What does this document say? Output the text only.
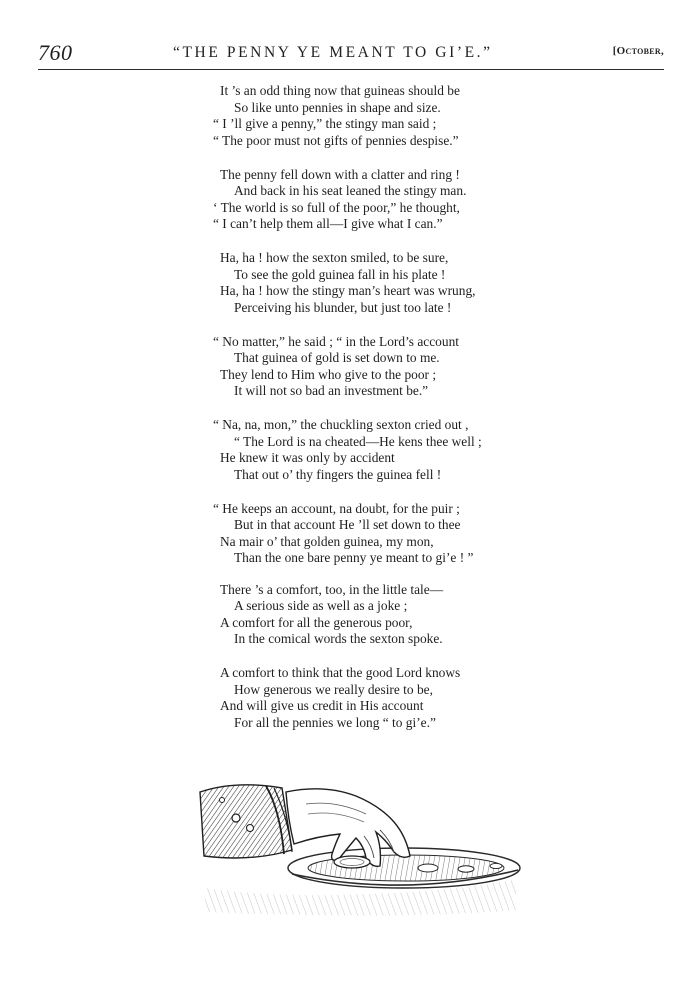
760	“THE PENNY YE MEANT TO GI’E.”	[October,
It ’s an odd thing now that guineas should be
So like unto pennies in shape and size.
“ I ’ll give a penny,” the stingy man said ;
“ The poor must not gifts of pennies despise.”
The penny fell down with a clatter and ring !
And back in his seat leaned the stingy man.
‘ The world is so full of the poor,” he thought,
“ I can’t help them all—I give what I can.”
Ha, ha ! how the sexton smiled, to be sure,
To see the gold guinea fall in his plate !
Ha, ha ! how the stingy man’s heart was wrung,
Perceiving his blunder, but just too late !
“ No matter,” he said ; “ in the Lord’s account
That guinea of gold is set down to me.
They lend to Him who give to the poor ;
It will not so bad an investment be.”
“ Na, na, mon,” the chuckling sexton cried out ,
“ The Lord is na cheated—He kens thee well ;
He knew it was only by accident
That out o’ thy fingers the guinea fell !
“ He keeps an account, na doubt, for the puir ;
But in that account He ’ll set down to thee
Na mair o’ that golden guinea, my mon,
Than the one bare penny ye meant to gi’e ! ”
There ’s a comfort, too, in the little tale—
A serious side as well as a joke ;
A comfort for all the generous poor,
In the comical words the sexton spoke.
A comfort to think that the good Lord knows
How generous we really desire to be,
And will give us credit in His account
For all the pennies we long “ to gi’e.”
